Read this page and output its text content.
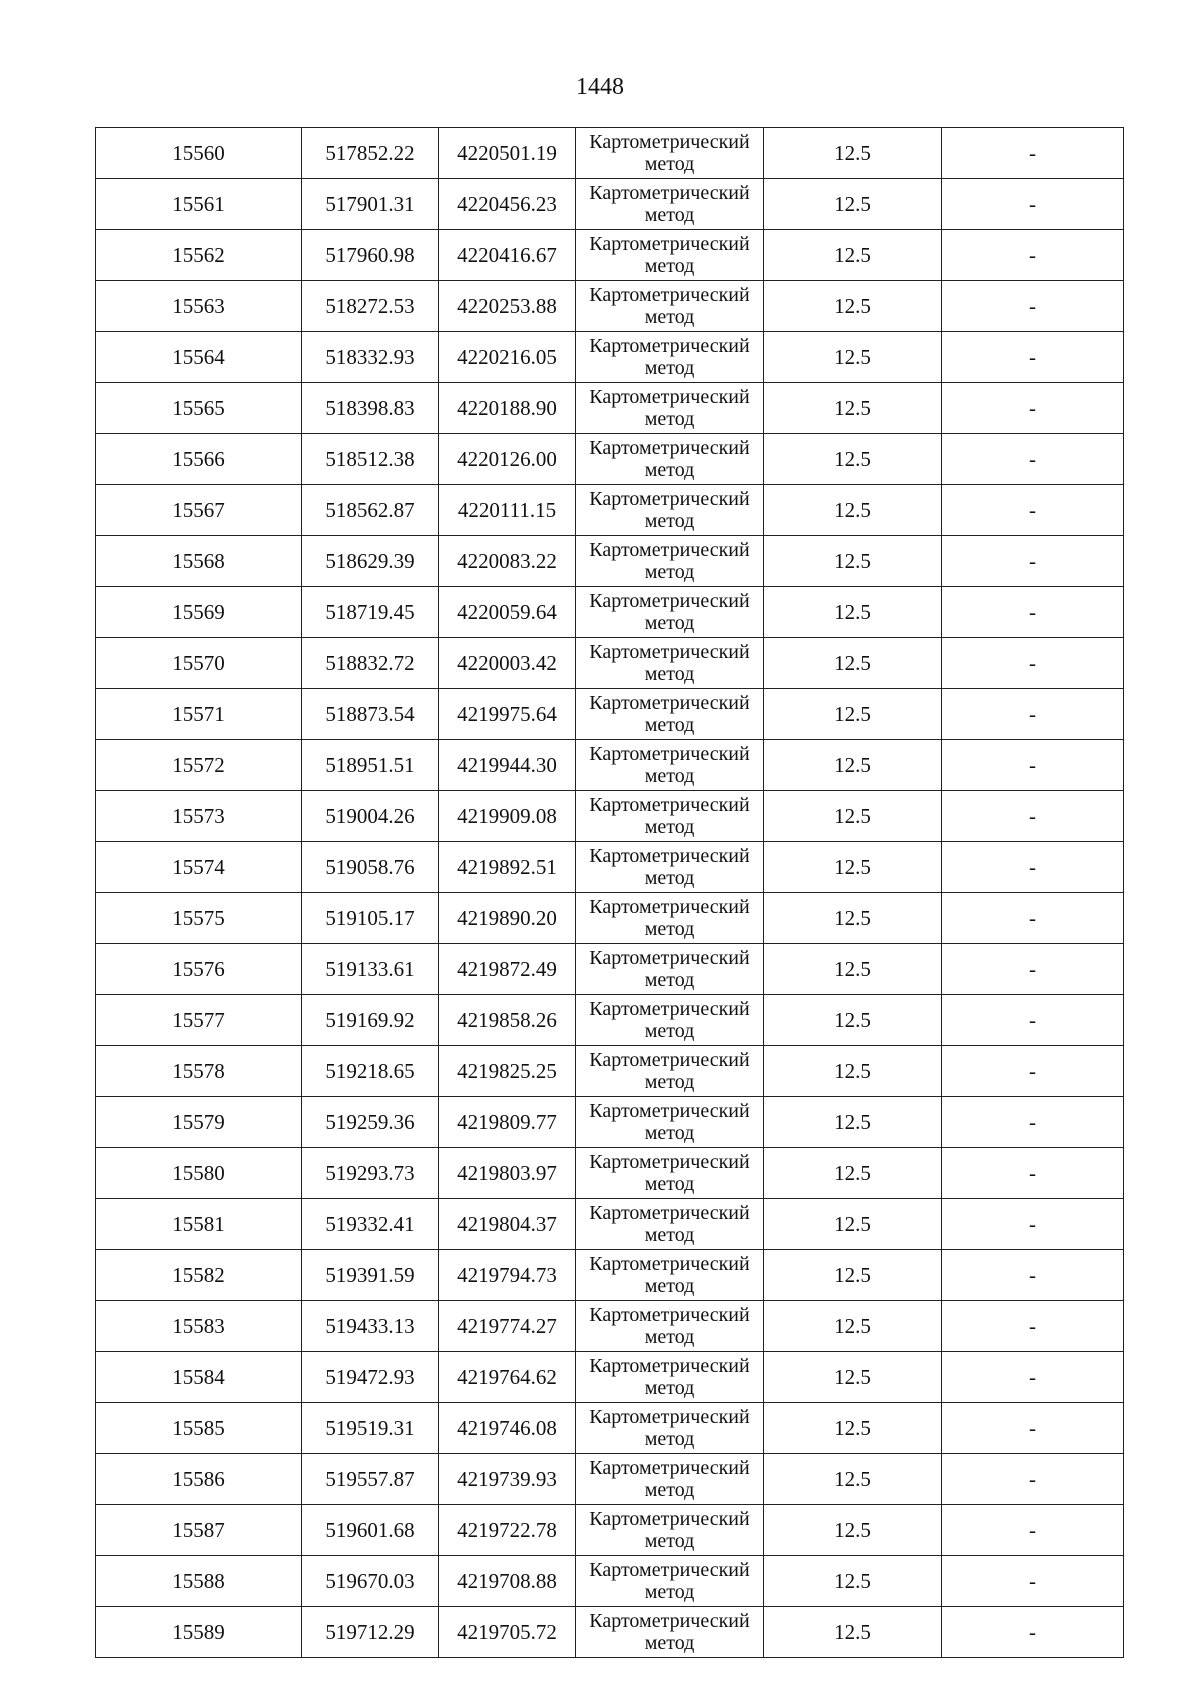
1448
15560	517852.22	4220501.19	Картометрический
метод	12.5	-
15561	517901.31	4220456.23	Картометрический
метод	12.5	-
15562	517960.98	4220416.67	Картометрический
метод	12.5	-
15563	518272.53	4220253.88	Картометрический
метод	12.5	-
15564	518332.93	4220216.05	Картометрический
метод	12.5	-
15565	518398.83	4220188.90	Картометрический
метод	12.5	-
15566	518512.38	4220126.00	Картометрический
метод	12.5	-
15567	518562.87	4220111.15	Картометрический
метод	12.5	-
15568	518629.39	4220083.22	Картометрический
метод	12.5	-
15569	518719.45	4220059.64	Картометрический
метод	12.5	-
15570	518832.72	4220003.42	Картометрический
метод	12.5	-
15571	518873.54	4219975.64	Картометрический
метод	12.5	-
15572	518951.51	4219944.30	Картометрический
метод	12.5	-
15573	519004.26	4219909.08	Картометрический
метод	12.5	-
15574	519058.76	4219892.51	Картометрический
метод	12.5	-
15575	519105.17	4219890.20	Картометрический
метод	12.5	-
15576	519133.61	4219872.49	Картометрический
метод	12.5	-
15577	519169.92	4219858.26	Картометрический
метод	12.5	-
15578	519218.65	4219825.25	Картометрический
метод	12.5	-
15579	519259.36	4219809.77	Картометрический
метод	12.5	-
15580	519293.73	4219803.97	Картометрический
метод	12.5	-
15581	519332.41	4219804.37	Картометрический
метод	12.5	-
15582	519391.59	4219794.73	Картометрический
метод	12.5	-
15583	519433.13	4219774.27	Картометрический
метод	12.5	-
15584	519472.93	4219764.62	Картометрический
метод	12.5	-
15585	519519.31	4219746.08	Картометрический
метод	12.5	-
15586	519557.87	4219739.93	Картометрический
метод	12.5	-
15587	519601.68	4219722.78	Картометрический
метод	12.5	-
15588	519670.03	4219708.88	Картометрический
метод	12.5	-
15589	519712.29	4219705.72	Картометрический
метод	12.5	-
